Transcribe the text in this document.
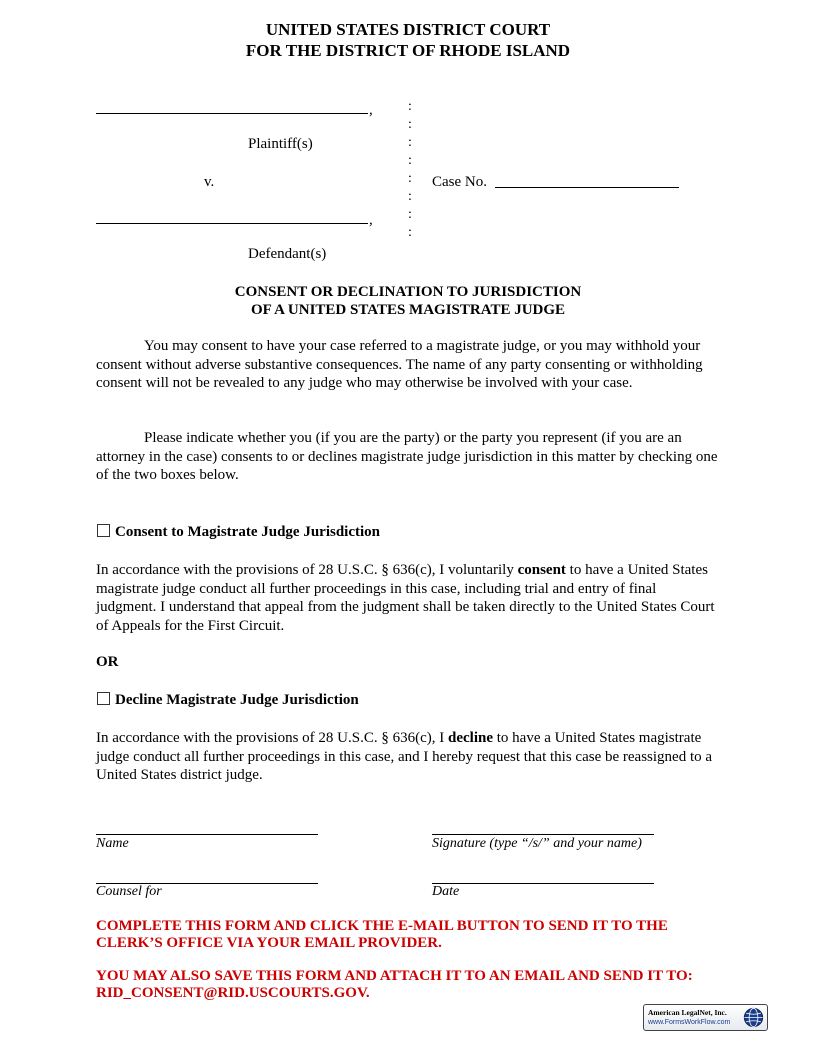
UNITED STATES DISTRICT COURT
FOR THE DISTRICT OF RHODE ISLAND
,
Plaintiff(s)
v.
,
Defendant(s)
:
:
:
:
:
:
:
:
Case No.
CONSENT OR DECLINATION TO JURISDICTION
OF A UNITED STATES MAGISTRATE JUDGE
You may consent to have your case referred to a magistrate judge, or you may withhold your consent without adverse substantive consequences. The name of any party consenting or withholding consent will not be revealed to any judge who may otherwise be involved with your case.
Please indicate whether you (if you are the party) or the party you represent (if you are an attorney in the case) consents to or declines magistrate judge jurisdiction in this matter by checking one of the two boxes below.
Consent to Magistrate Judge Jurisdiction
In accordance with the provisions of 28 U.S.C. § 636(c), I voluntarily consent to have a United States magistrate judge conduct all further proceedings in this case, including trial and entry of final judgment. I understand that appeal from the judgment shall be taken directly to the United States Court of Appeals for the First Circuit.
OR
Decline Magistrate Judge Jurisdiction
In accordance with the provisions of 28 U.S.C. § 636(c), I decline to have a United States magistrate judge conduct all further proceedings in this case, and I hereby request that this case be reassigned to a United States district judge.
Name	Signature (type “/s/” and your name)
Counsel for	Date
COMPLETE THIS FORM AND CLICK THE E-MAIL BUTTON TO SEND IT TO THE CLERK’S OFFICE VIA YOUR EMAIL PROVIDER.
YOU MAY ALSO SAVE THIS FORM AND ATTACH IT TO AN EMAIL AND SEND IT TO: RID_CONSENT@RID.USCOURTS.GOV.
American LegalNet, Inc.
www.FormsWorkFlow.com
